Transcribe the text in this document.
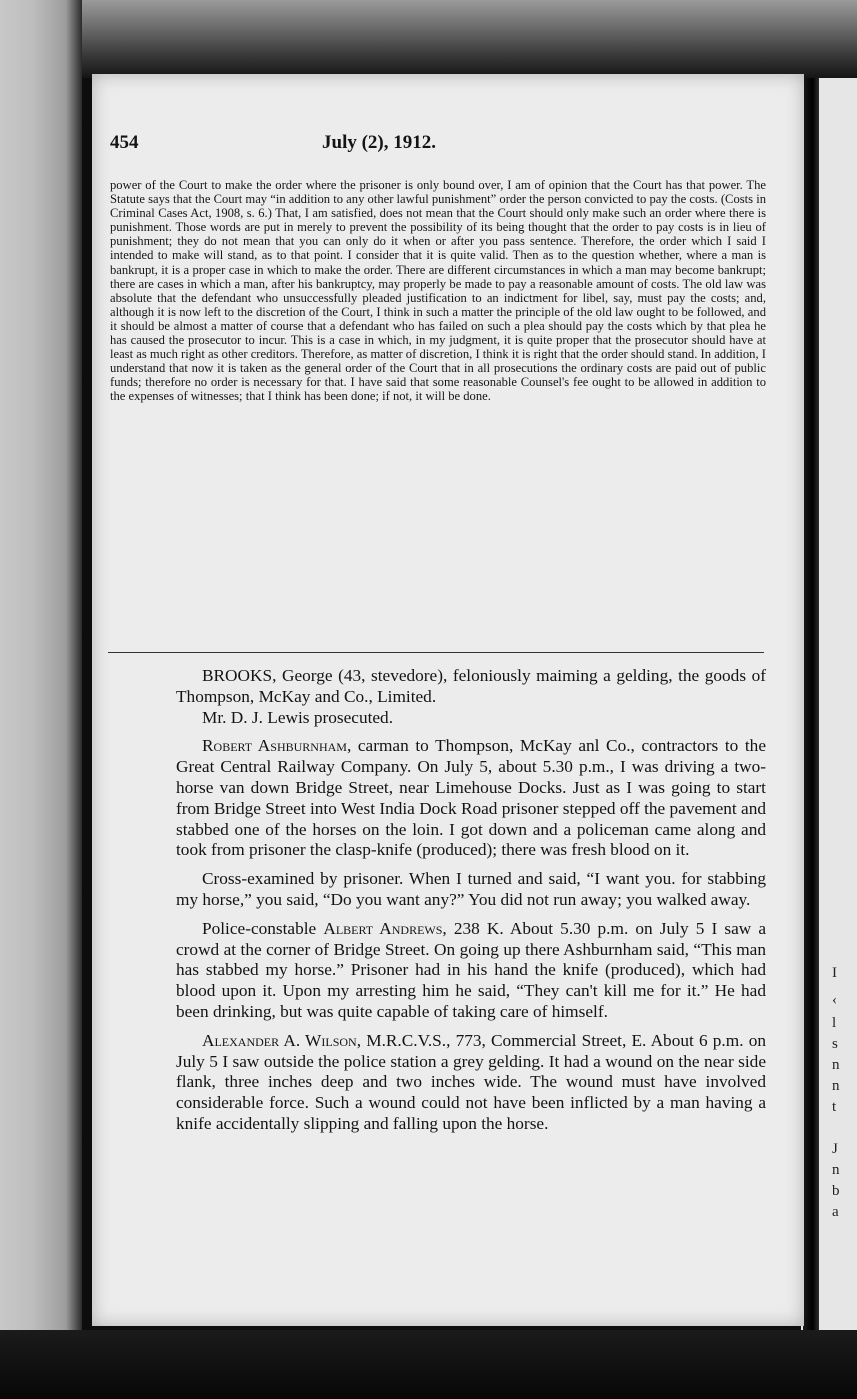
I
‹
l
s
n
n
t
J
n
b
a
454	July (2), 1912.

power of the Court to make the order where the prisoner is only bound over, I am of opinion that the Court has that power. The Statute says that the Court may “in addition to any other lawful punishment” order the person convicted to pay the costs. (Costs in Criminal Cases Act, 1908, s. 6.) That, I am satisfied, does not mean that the Court should only make such an order where there is punishment. Those words are put in merely to prevent the possibility of its being thought that the order to pay costs is in lieu of punishment; they do not mean that you can only do it when or after you pass sentence. Therefore, the order which I said I intended to make will stand, as to that point. I consider that it is quite valid. Then as to the question whether, where a man is bankrupt, it is a proper case in which to make the order. There are different circumstances in which a man may become bankrupt; there are cases in which a man, after his bankruptcy, may properly be made to pay a reasonable amount of costs. The old law was absolute that the defendant who unsuccessfully pleaded justification to an indictment for libel, say, must pay the costs; and, although it is now left to the discretion of the Court, I think in such a matter the principle of the old law ought to be followed, and it should be almost a matter of course that a defendant who has failed on such a plea should pay the costs which by that plea he has caused the prosecutor to incur. This is a case in which, in my judgment, it is quite proper that the prosecutor should have at least as much right as other creditors. Therefore, as matter of discretion, I think it is right that the order should stand. In addition, I understand that now it is taken as the general order of the Court that in all prosecutions the ordinary costs are paid out of public funds; therefore no order is necessary for that. I have said that some reasonable Counsel's fee ought to be allowed in addition to the expenses of witnesses; that I think has been done; if not, it will be done.

BROOKS, George (43, stevedore), feloniously maiming a gelding, the goods of Thompson, McKay and Co., Limited.

Mr. D. J. Lewis prosecuted.

Robert Ashburnham, carman to Thompson, McKay anl Co., contractors to the Great Central Railway Company. On July 5, about 5.30 p.m., I was driving a two-horse van down Bridge Street, near Limehouse Docks. Just as I was going to start from Bridge Street into West India Dock Road prisoner stepped off the pavement and stabbed one of the horses on the loin. I got down and a policeman came along and took from prisoner the clasp-knife (produced); there was fresh blood on it.

Cross-examined by prisoner. When I turned and said, “I want you. for stabbing my horse,” you said, “Do you want any?” You did not run away; you walked away.

Police-constable Albert Andrews, 238 K. About 5.30 p.m. on July 5 I saw a crowd at the corner of Bridge Street. On going up there Ashburnham said, “This man has stabbed my horse.” Prisoner had in his hand the knife (produced), which had blood upon it. Upon my arresting him he said, “They can't kill me for it.” He had been drinking, but was quite capable of taking care of himself.

Alexander A. Wilson, M.R.C.V.S., 773, Commercial Street, E. About 6 p.m. on July 5 I saw outside the police station a grey gelding. It had a wound on the near side flank, three inches deep and two inches wide. The wound must have involved considerable force. Such a wound could not have been inflicted by a man having a knife accidentally slipping and falling upon the horse.
